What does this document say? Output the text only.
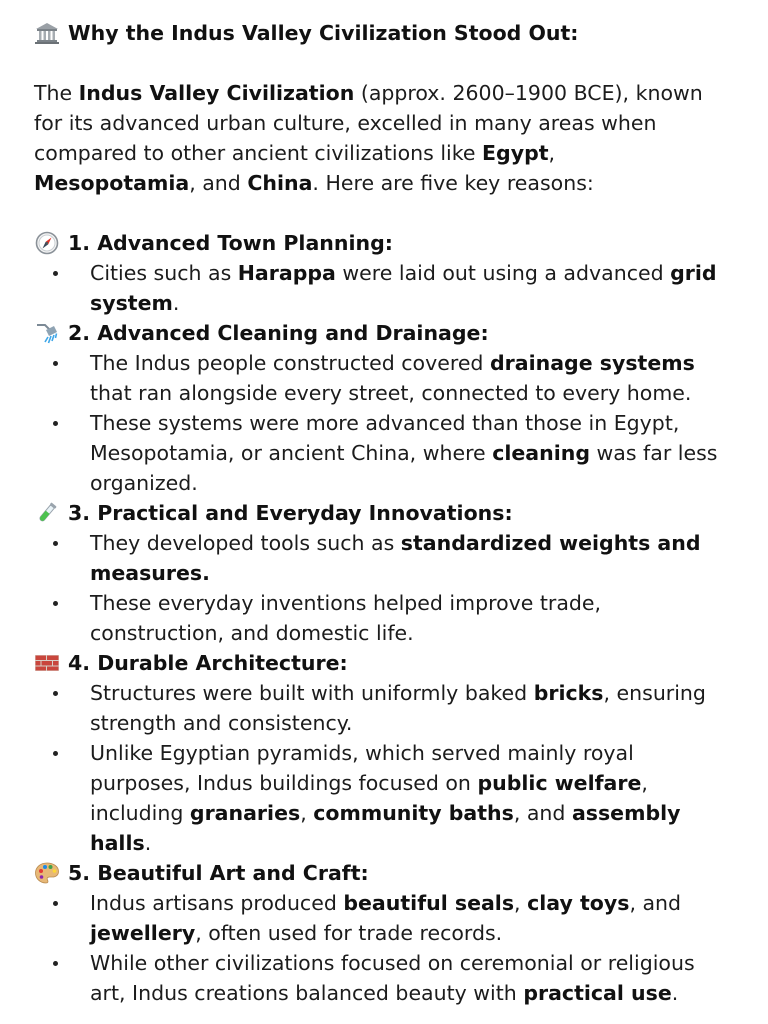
Why the Indus Valley Civilization Stood Out:

The Indus Valley Civilization (approx. 2600–1900 BCE), known for its advanced urban culture, excelled in many areas when compared to other ancient civilizations like Egypt, Mesopotamia, and China. Here are five key reasons:

1. Advanced Town Planning:
Cities such as Harappa were laid out using a advanced grid system.
2. Advanced Cleaning and Drainage:
The Indus people constructed covered drainage systems that ran alongside every street, connected to every home.
These systems were more advanced than those in Egypt, Mesopotamia, or ancient China, where cleaning was far less organized.
3. Practical and Everyday Innovations:
They developed tools such as standardized weights and measures.
These everyday inventions helped improve trade, construction, and domestic life.
4. Durable Architecture:
Structures were built with uniformly baked bricks, ensuring strength and consistency.
Unlike Egyptian pyramids, which served mainly royal purposes, Indus buildings focused on public welfare, including granaries, community baths, and assembly halls.
5. Beautiful Art and Craft:
Indus artisans produced beautiful seals, clay toys, and jewellery, often used for trade records.
While other civilizations focused on ceremonial or religious art, Indus creations balanced beauty with practical use.
